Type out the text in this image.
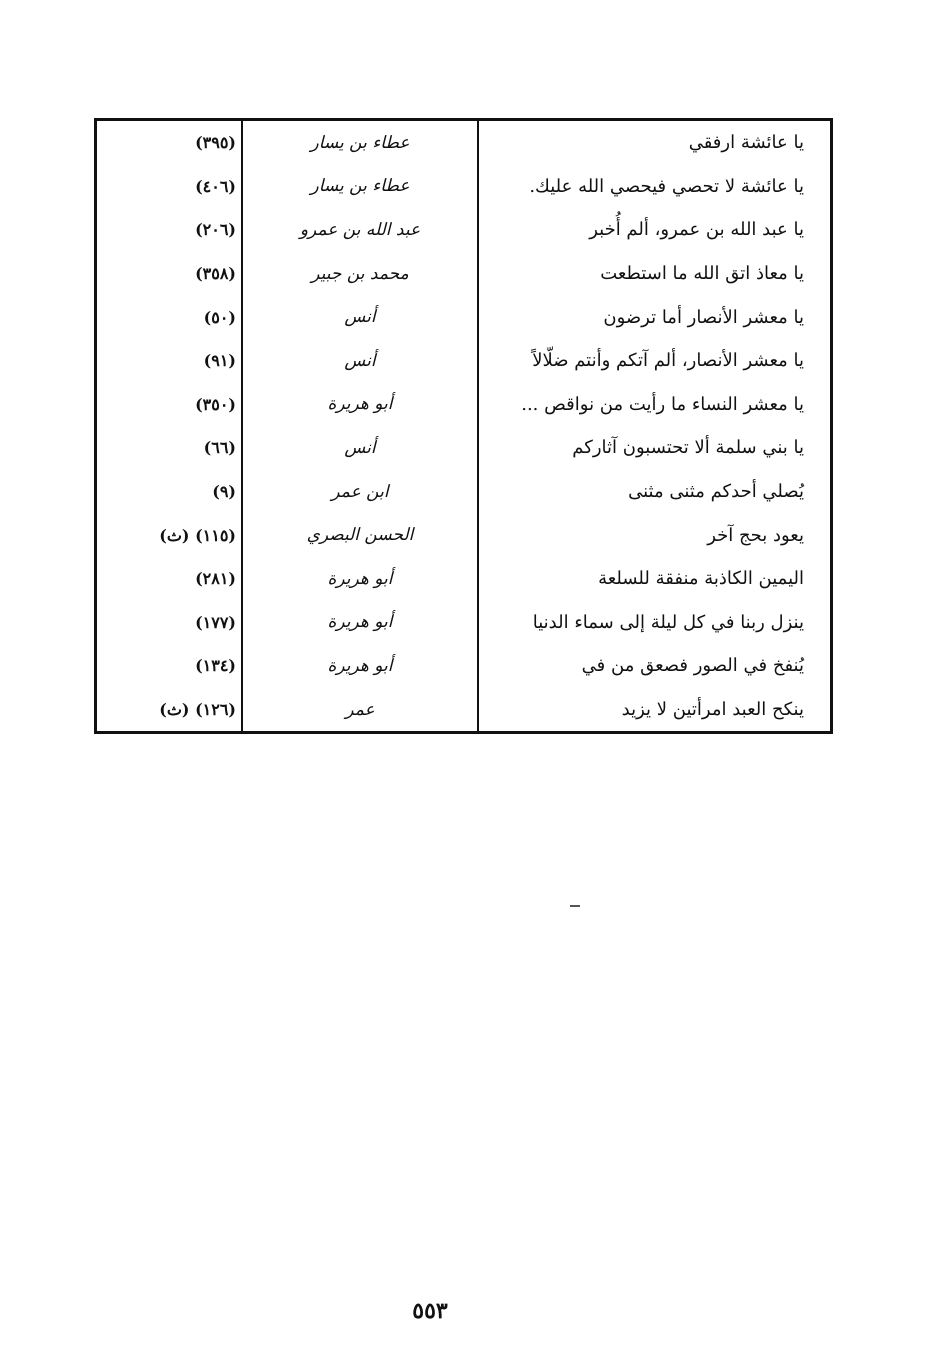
يا عائشة ارفقي	عطاء بن يسار	(٣٩٥)
يا عائشة لا تحصي فيحصي الله عليك.	عطاء بن يسار	(٤٠٦)
يا عبد الله بن عمرو، ألم أُخبر	عبد الله بن عمرو	(٢٠٦)
يا معاذ اتق الله ما استطعت	محمد بن جبير	(٣٥٨)
يا معشر الأنصار أما ترضون	أنس	(٥٠)
يا معشر الأنصار، ألم آتكم وأنتم ضلّالاً	أنس	(٩١)
يا معشر النساء ما رأيت من نواقص ...	أبو هريرة	(٣٥٠)
يا بني سلمة ألا تحتسبون آثاركم	أنس	(٦٦)
يُصلي أحدكم مثنى مثنى	ابن عمر	(٩)
يعود بحج آخر	الحسن البصري	(١١٥) (ث)
اليمين الكاذبة منفقة للسلعة	أبو هريرة	(٢٨١)
ينزل ربنا في كل ليلة إلى سماء الدنيا	أبو هريرة	(١٧٧)
يُنفخ في الصور فصعق من في	أبو هريرة	(١٣٤)
ينكح العبد امرأتين لا يزيد	عمر	(١٢٦) (ث)
٥٥٣
